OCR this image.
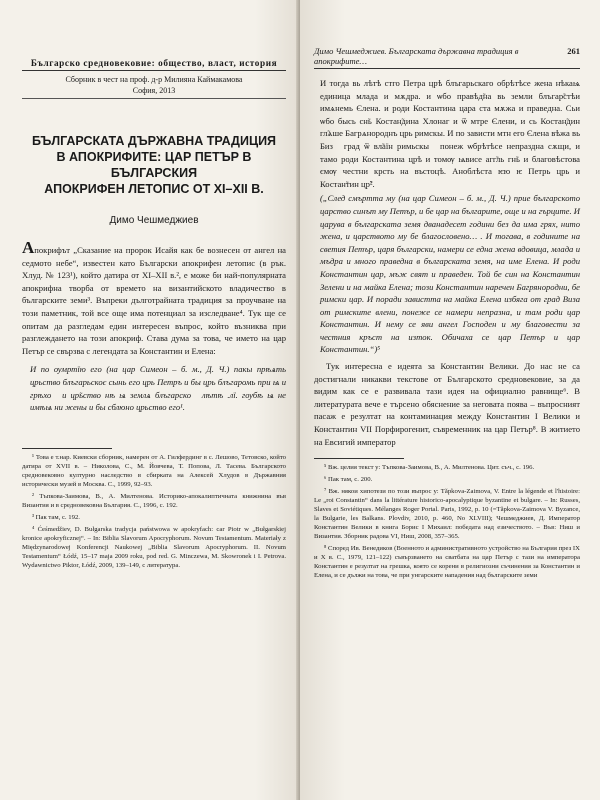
Българско средновековие: общество, власт, история
Сборник в чест на проф. д-р Милияна Каймакамова
София, 2013
БЪЛГАРСКАТА ДЪРЖАВНА ТРАДИЦИЯ
В АПОКРИФИТЕ: ЦАР ПЕТЪР В БЪЛГАРСКИЯ
АПОКРИФЕН ЛЕТОПИС ОТ XI–XII В.
Димо Чешмеджиев

Апокрифът „Сказание на пророк Исайя как бе вознесен от ангел на седмото небе“, известен като Български апокрифен летопис (в рък. Хлуд. № 123¹), който датира от XI–XII в.², е може би най-популярната апокрифна творба от времето на византийското владичество в българските земи³. Въпреки дълготрайната традиция за проучване на този паметник, той все още има потенциал за изследване⁴. Тук ще се опитам да разгледам един интересен въпрос, който възниква при разглеждането на този апокриф. Става дума за това, че името на цар Петър се свързва с легендата за Константин и Елена:

И по ѹмртїю его (на цар Симеон – б. м., Д. Ч.) пакы прѣѧть црьство блъгарьскоє сынь его црь Петръ и бы црь блъгаромь при ѩ и грѣхоⷨ и цр̃ьство нѣ ѩ землѧ блъгарскоⷨ лѣтѣ .лї. гѹбѣ ѩ не имѣѩ ни жены и бы сблюно црьство его¹.
¹ Това е т.нар. Киевски сборник, намерен от А. Гилфердинг в с. Лешово, Тетовско, който датира от XVII в. – Николова, С., М. Йовчева, Т. Попова, Л. Тасева. Българското средновековно културно наследство в сбирката на Алексей Хлудов в Държавния исторически музей в Москва. С., 1999, 92–93.
² Тъпкова-Заимова, В., А. Милтенова. Историко-апокалиптичната книжнина във Византия и в средновековна България. С., 1996, с. 192.
³ Пак там, с. 192.
⁴ Ćeśmedžiev, D. Bułgarska tradycja państwowa w apokryfach: car Piotr w „Bułgarskiej kronice apokryficznej“. – In: Biblia Slavorum Apocryphorum. Novum Testamentum. Materiały z Międzynarodowej Konferencji Naukowej „Biblia Slavorum Apocryphorum. II. Novum Testamentum“ Łódź, 15–17 maja 2009 roku, pod red. G. Minczewa, M. Skowronek i I. Petrova. Wydawnictwo Piktor, Łódź, 2009, 139–149, с литература.
Димо Чешмеджиев. Българската държавна традиция в апокрифите…
261
И тогда вь лѣтѣ стго Петра црѣ блъгарьскаго обрѣтѣсе жена нѣкаѩ единица млада и мѫдра. и ѡбо правѣд̃на вь земли блъгар̃стѣи имѧнемь Єлена. и роди Костантина цара ста мѫжа и праведна. Сьи ѡбо бысь сн̃ь Костан̃дина Хлонаг и ѿ мтре Єлени, и сь Костан̃дин гл̃ѧше Багрѧнороднъ црь римскы. И по зависти мтн его Єлена вѣжа вь Бизⷮ град ѿ вл̃аїн римьскыⷯ понеж ѡбрѣтѣсе непраздна сѫщи, и тамо роди Костантина црѣ и томѹ ѩвисе агг̃ль гн̃ь и благовѣстова ємѹ честни крсть на въстоцѣ. Аноблѣста ѥю ѥ Петрь црь и Костан̃тин цр̃².
(„След смъртта му (на цар Симеон – б. м., Д. Ч.) прие българското царство синът му Петър, и бе цар на българите, още и на гърците. И царува в българската земя дванадесет години без да има грях, нито жена, и царството му бе благословено… . И тогава, в годините на светия Петър, царя български, намери се една жена вдовица, млада и мъдра и много праведна в българската земя, на име Елена. И роди Константин цар, мъж свят и праведен. Той бе син на Константин Зелени и на майка Елена; този Константин наречен Багрянородни, бе римски цар. И поради завистта на майка Елена избяга от град Виза от римските влени, понеже се намери непразна, и там роди цар Константин. И нему се яви ангел Господен и му благовести за честния кръст на изток. Обичаха се цар Петър и цар Константин.“)⁵

Тук интересна е идеята за Константин Велики. До нас не са достигнали никакви текстове от Българското средновековие, за да видим как се е развивала тази идея на официално равнище⁶. В литературата вече е търсено обяснение за неговата поява – въпросният пасаж е резултат на контаминация между Константин I Велики и Константин VII Порфирогенит, съвременник на цар Петър⁸. В житието на Евсигий император

⁵ Вж. целия текст у: Тъпкова-Заимова, В., А. Милтенова. Цит. съч., с. 196.
⁶ Пак там, с. 200.
⁷ Вж. някои хипотези по този въпрос у: Tăpkova-Zaimova, V. Entre la légende et l'histoire: Le „roi Constantin“ dans la littérature historico-apocalyptique byzantine et bulgare. – In: Russes, Slaves et Soviétiques. Mélanges Roger Portal. Paris, 1992, p. 10 (=Tăpkova-Zaimova V. Byzance, la Bulgarie, les Balkans. Plovdiv, 2010, р. 460, No XLVIII); Чешмеджиев, Д. Император Константин Велики в книга Борис I Михаил: победата над езичеството. – Във: Ниш и Византия. Зборник радова VI, Ниш, 2008, 357–365.
⁸ Според Ив. Венедиков (Военното и административното устройство на България през IX и X в. С., 1979, 121–122) съвързването на сватбата на цар Петър с тази на императора Константин е резултат на грешка, която се корени в религиозни съчинения за Константин и Елена, и се дължи на това, че при унгарските нападения над българските земи
